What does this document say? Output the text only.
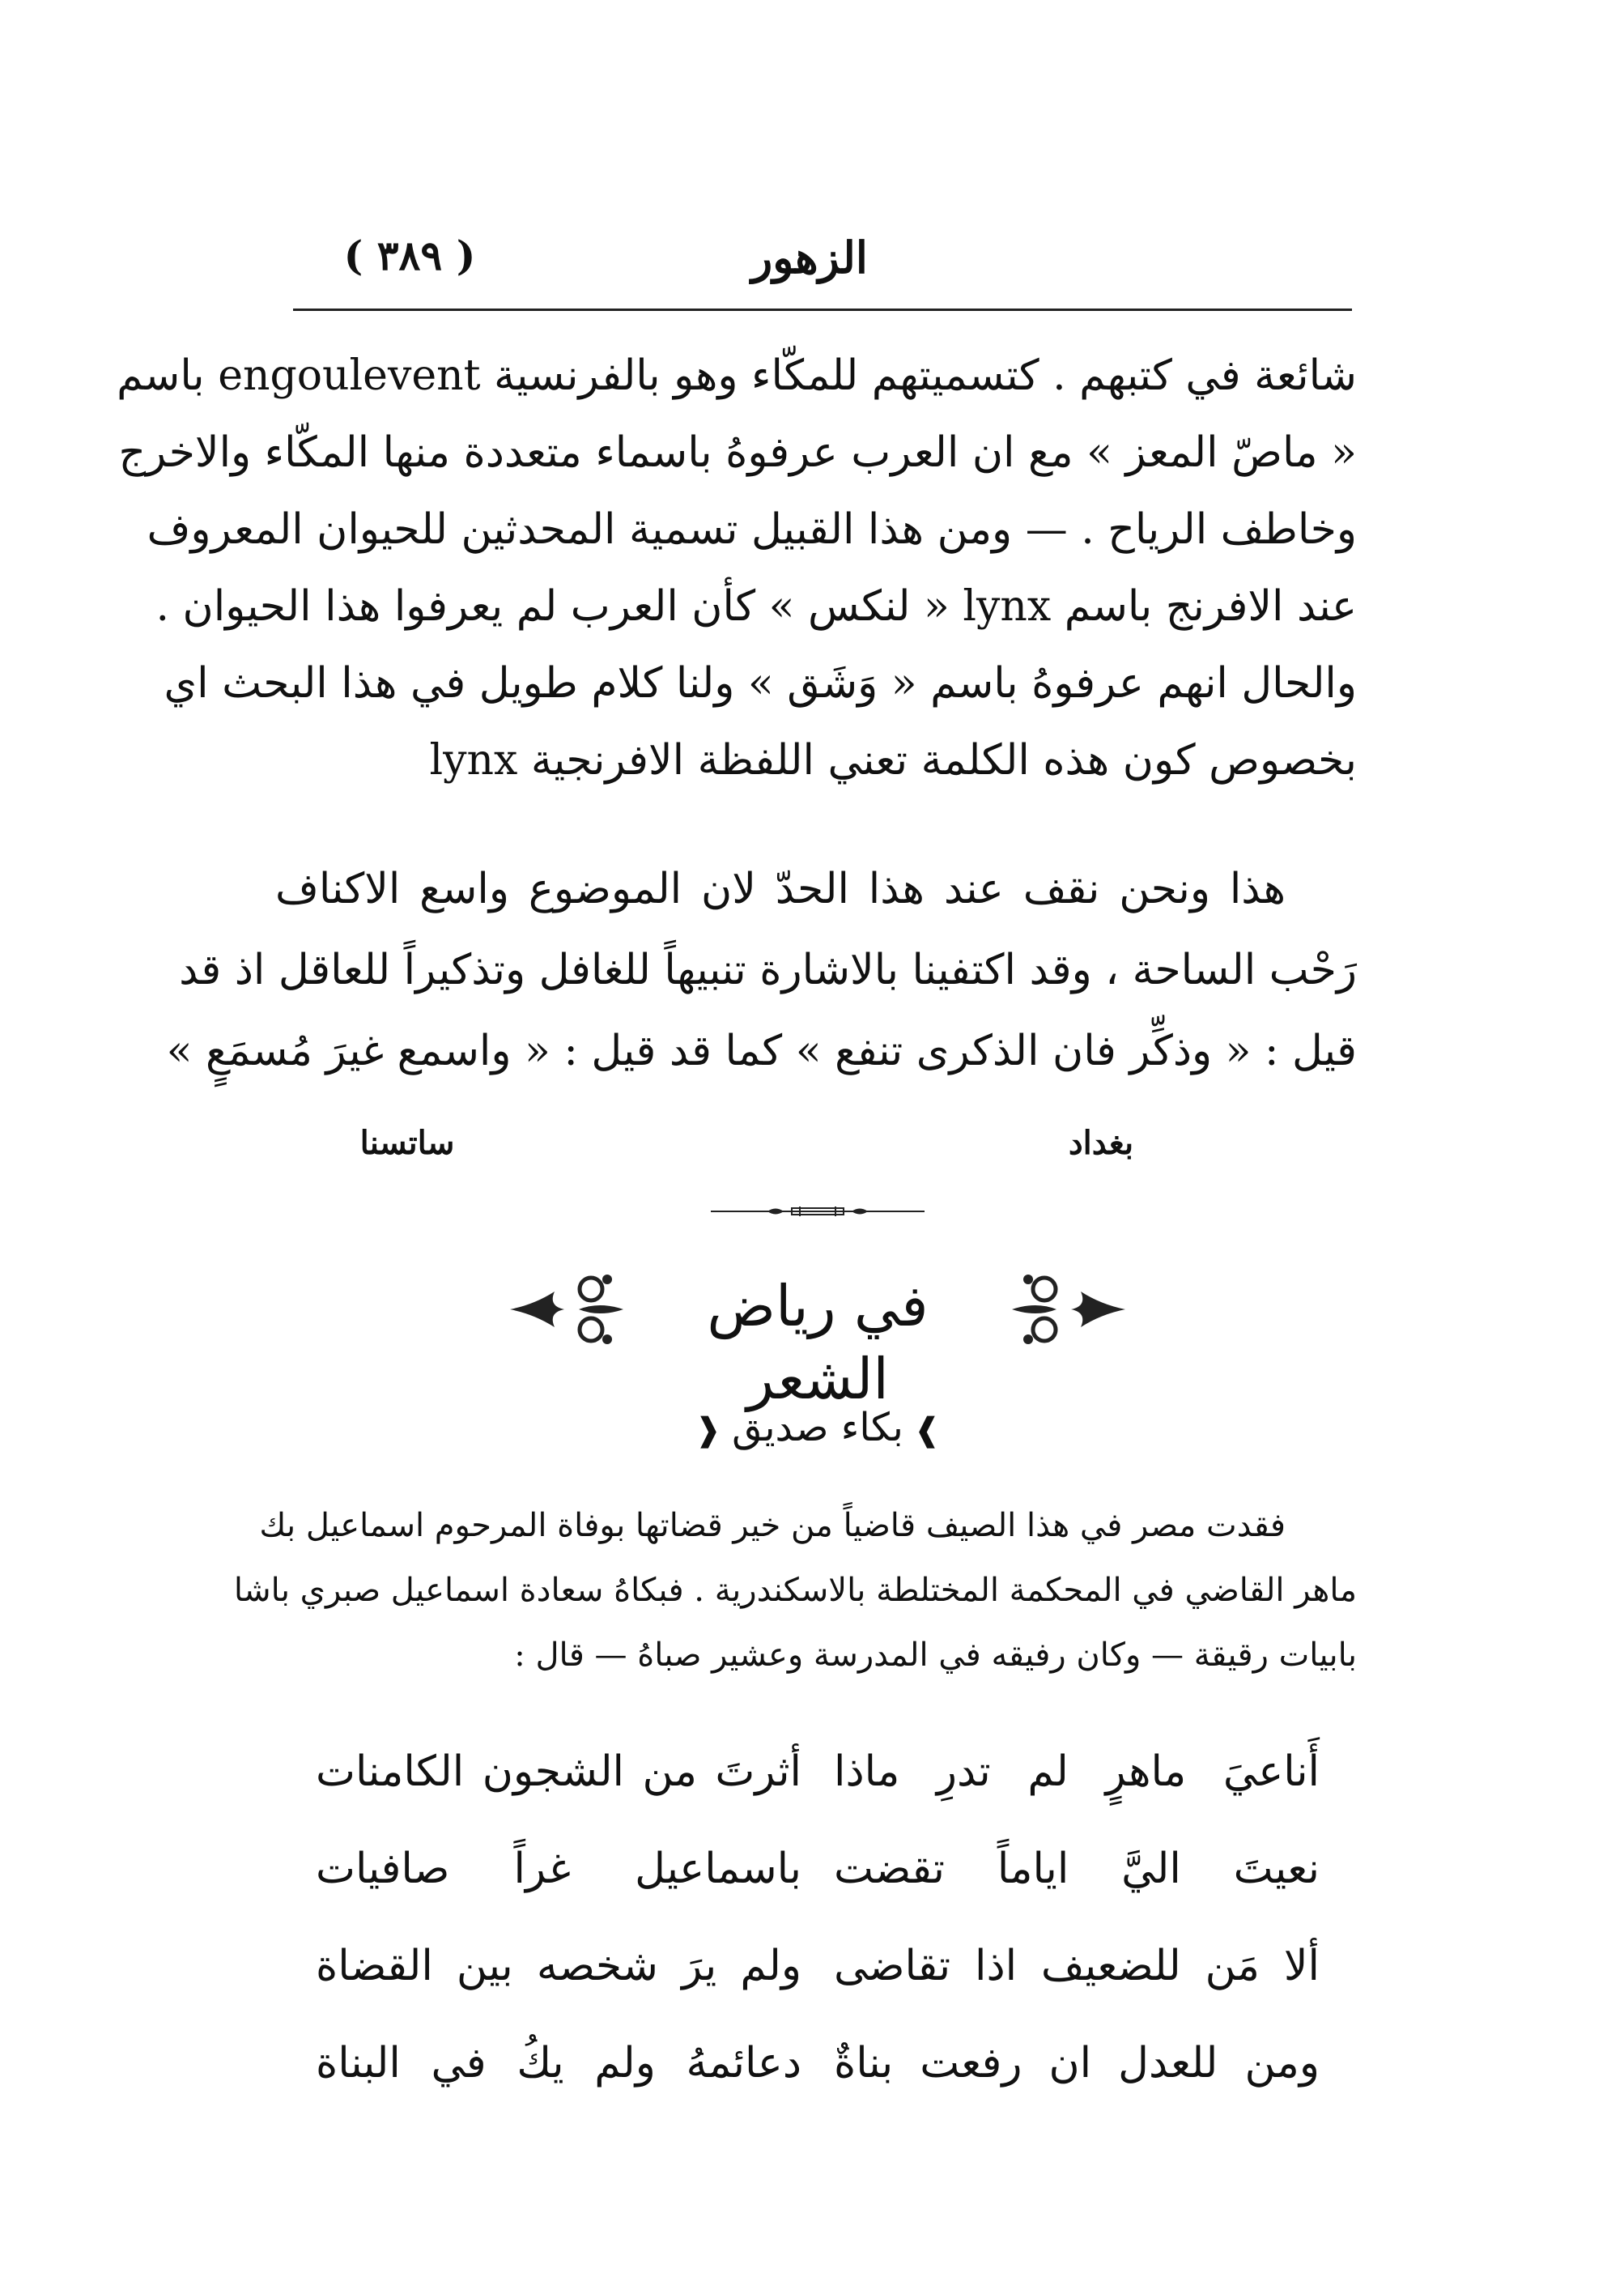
الزهور
( ٣٨٩ )
شائعة في كتبهم . كتسميتهم للمكّاء وهو بالفرنسية engoulevent باسم
« ماصّ المعز » مع ان العرب عرفوهُ باسماء متعددة منها المكّاء والاخرج
وخاطف الرياح . — ومن هذا القبيل تسمية المحدثين للحيوان المعروف
عند الافرنج باسم lynx « لنكس » كأن العرب لم يعرفوا هذا الحيوان .
والحال انهم عرفوهُ باسم « وَشَق » ولنا كلام طويل في هذا البحث اي
بخصوص كون هذه الكلمة تعني اللفظة الافرنجية lynx
هذا ونحن نقف عند هذا الحدّ لان الموضوع واسع الاكناف
رَحْب الساحة ، وقد اكتفينا بالاشارة تنبيهاً للغافل وتذكيراً للعاقل اذ قد
قيل : « وذكِّر فان الذكرى تنفع » كما قد قيل : « واسمع غيرَ مُسمَعٍ »
بغداد
ساتسنا
في رياض الشعر
❱ بكاء صديق ❰
فقدت مصر في هذا الصيف قاضياً من خير قضاتها بوفاة المرحوم اسماعيل بك
ماهر القاضي في المحكمة المختلطة بالاسكندرية . فبكاهُ سعادة اسماعيل صبري باشا
بابيات رقيقة — وكان رفيقه في المدرسة وعشير صباهُ — قال :
أَناعيَ ماهرٍ لم تدرِ ماذا
أثرتَ من الشجون الكامنات
نعيتَ اليَّ اياماً تقضت
باسماعيل غراً صافيات
ألا مَن للضعيف اذا تقاضى
ولم يرَ شخصه بين القضاة
ومن للعدل ان رفعت بناةٌ
دعائمهُ ولم يكُ في البناة
